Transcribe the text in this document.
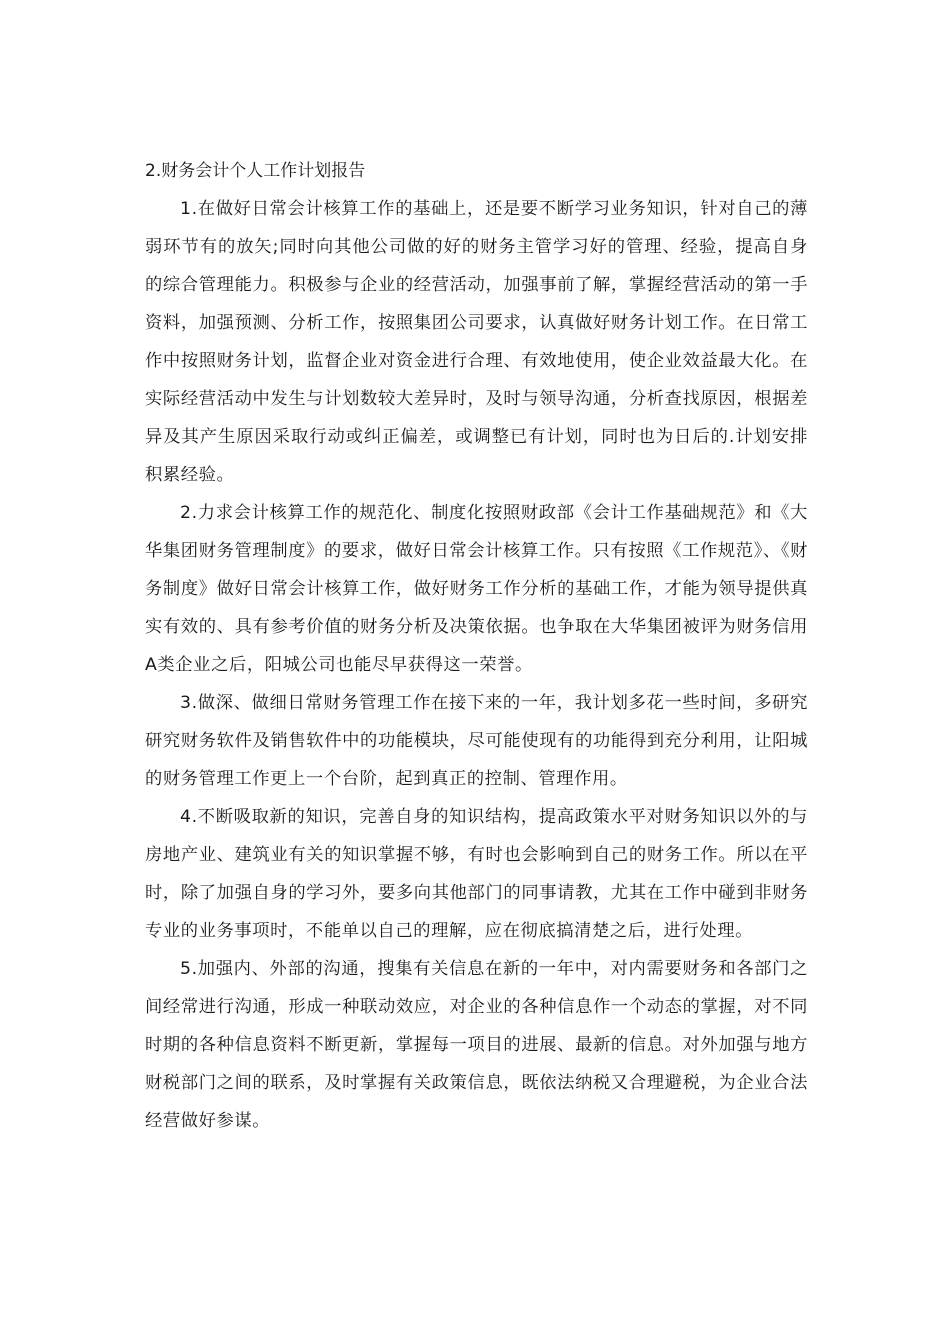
2.财务会计个人工作计划报告

1.在做好日常会计核算工作的基础上，还是要不断学习业务知识，针对自己的薄弱环节有的放矢;同时向其他公司做的好的财务主管学习好的管理、经验，提高自身的综合管理能力。积极参与企业的经营活动，加强事前了解，掌握经营活动的第一手资料，加强预测、分析工作，按照集团公司要求，认真做好财务计划工作。在日常工作中按照财务计划，监督企业对资金进行合理、有效地使用，使企业效益最大化。在实际经营活动中发生与计划数较大差异时，及时与领导沟通，分析查找原因，根据差异及其产生原因采取行动或纠正偏差，或调整已有计划，同时也为日后的.计划安排积累经验。

2.力求会计核算工作的规范化、制度化按照财政部《会计工作基础规范》和《大华集团财务管理制度》的要求，做好日常会计核算工作。只有按照《工作规范》、《财务制度》做好日常会计核算工作，做好财务工作分析的基础工作，才能为领导提供真实有效的、具有参考价值的财务分析及决策依据。也争取在大华集团被评为财务信用A类企业之后，阳城公司也能尽早获得这一荣誉。

3.做深、做细日常财务管理工作在接下来的一年，我计划多花一些时间，多研究研究财务软件及销售软件中的功能模块，尽可能使现有的功能得到充分利用，让阳城的财务管理工作更上一个台阶，起到真正的控制、管理作用。

4.不断吸取新的知识，完善自身的知识结构，提高政策水平对财务知识以外的与房地产业、建筑业有关的知识掌握不够，有时也会影响到自己的财务工作。所以在平时，除了加强自身的学习外，要多向其他部门的同事请教，尤其在工作中碰到非财务专业的业务事项时，不能单以自己的理解，应在彻底搞清楚之后，进行处理。

5.加强内、外部的沟通，搜集有关信息在新的一年中，对内需要财务和各部门之间经常进行沟通，形成一种联动效应，对企业的各种信息作一个动态的掌握，对不同时期的各种信息资料不断更新，掌握每一项目的进展、最新的信息。对外加强与地方财税部门之间的联系，及时掌握有关政策信息，既依法纳税又合理避税，为企业合法经营做好参谋。
